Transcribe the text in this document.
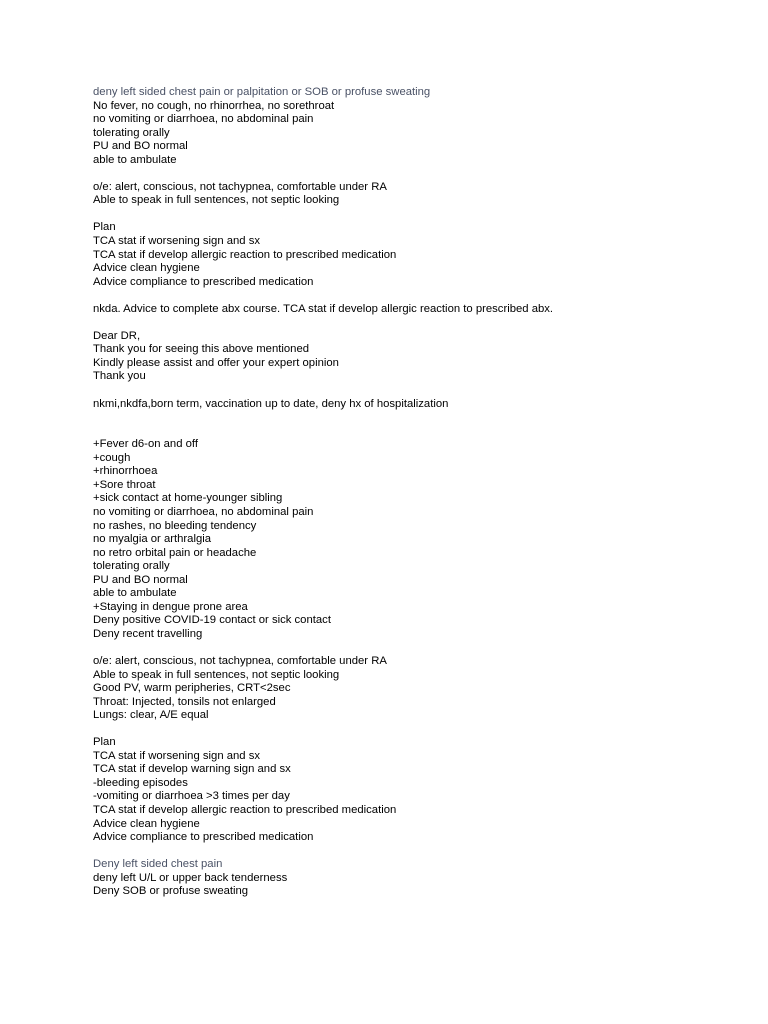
deny left sided chest pain or palpitation or SOB or profuse sweating
No fever, no cough, no rhinorrhea, no sorethroat
no vomiting or diarrhoea, no abdominal pain
tolerating orally
PU and BO normal
able to ambulate
o/e: alert, conscious, not tachypnea, comfortable under RA
Able to speak in full sentences, not septic looking
Plan
TCA stat if worsening sign and sx
TCA stat if develop allergic reaction to prescribed medication
Advice clean hygiene
Advice compliance to prescribed medication
nkda. Advice to complete abx course. TCA stat if develop allergic reaction to prescribed abx.
Dear DR,
Thank you for seeing this above mentioned
Kindly please assist and offer your expert opinion
Thank you
nkmi,nkdfa,born term, vaccination up to date, deny hx of hospitalization
+Fever d6-on and off
+cough
+rhinorrhoea
+Sore throat
+sick contact at home-younger sibling
no vomiting or diarrhoea, no abdominal pain
no rashes, no bleeding tendency
no myalgia or arthralgia
no retro orbital pain or headache
tolerating orally
PU and BO normal
able to ambulate
+Staying in dengue prone area
Deny positive COVID-19 contact or sick contact
Deny recent travelling
o/e: alert, conscious, not tachypnea, comfortable under RA
Able to speak in full sentences, not septic looking
Good PV, warm peripheries, CRT<2sec
Throat: Injected, tonsils not enlarged
Lungs: clear, A/E equal
Plan
TCA stat if worsening sign and sx
TCA stat if develop warning sign and sx
-bleeding episodes
-vomiting or diarrhoea >3 times per day
TCA stat if develop allergic reaction to prescribed medication
Advice clean hygiene
Advice compliance to prescribed medication
Deny left sided chest pain
deny left U/L or upper back tenderness
Deny SOB or profuse sweating
